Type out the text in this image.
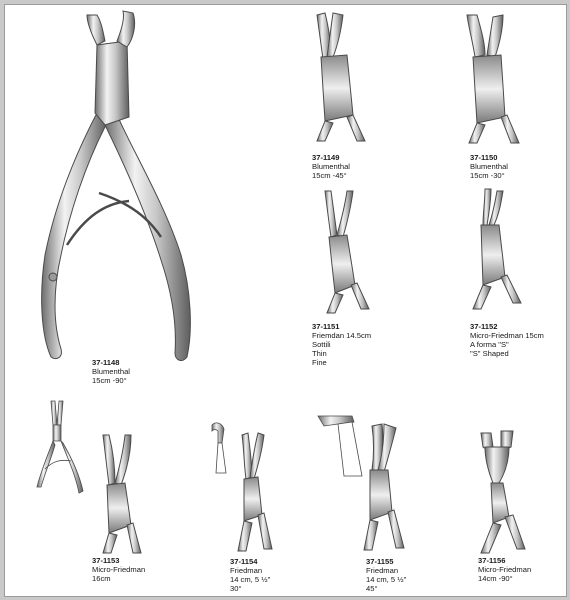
37-1148
Blumenthal
15cm -90°
37-1149
Blumenthal
15cm -45°
37-1150
Blumenthal
15cm -30°
37-1151
Friemdan 14.5cm
Sottili
Thin
Fine
37-1152
Micro-Friedman 15cm
A forma "S"
"S" Shaped
37-1153
Micro-Friedman
16cm
37-1154
Friedman
14 cm, 5 ½"
30°
37-1155
Friedman
14 cm, 5 ½"
45°
37-1156
Micro-Friedman
14cm -90°
